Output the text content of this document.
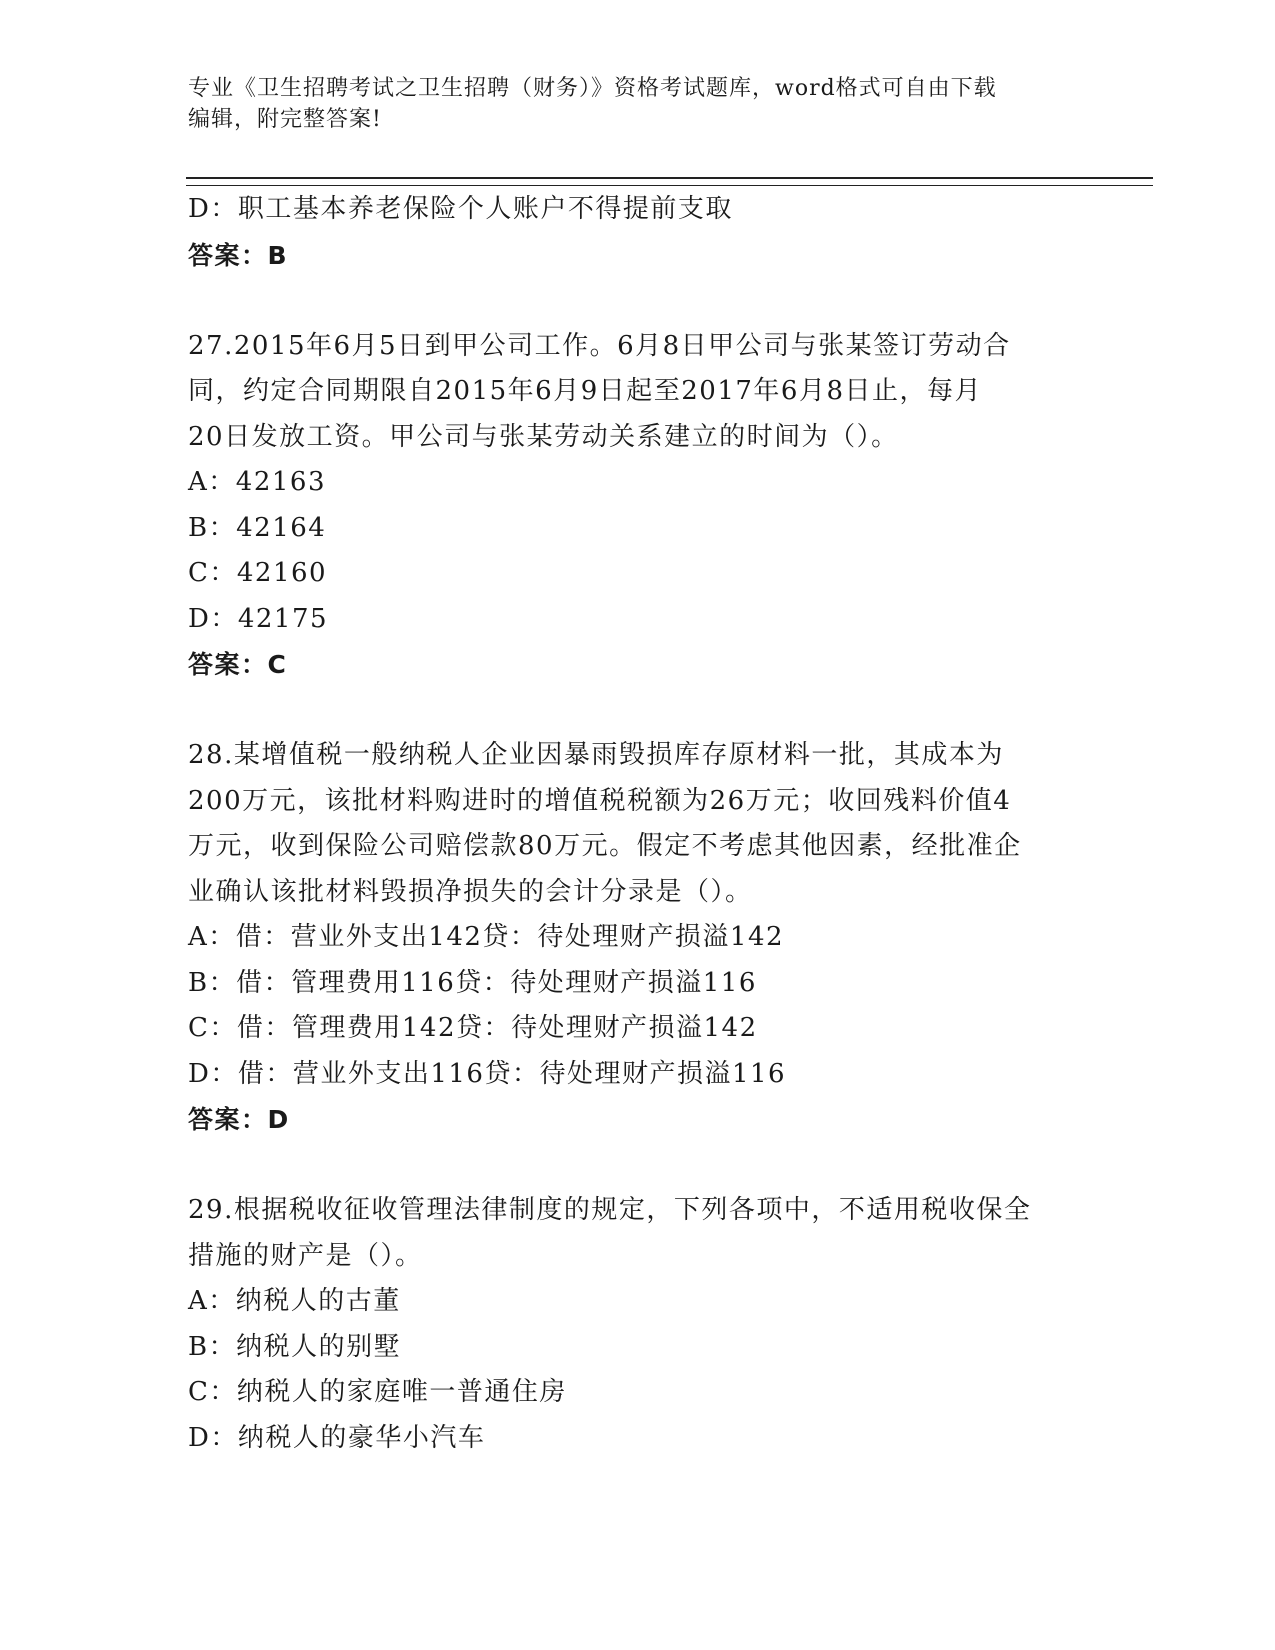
专业《卫生招聘考试之卫生招聘（财务）》资格考试题库，word格式可自由下载
编辑，附完整答案!
D：职工基本养老保险个人账户不得提前支取
答案：B
27.2015年6月5日到甲公司工作。6月8日甲公司与张某签订劳动合
同，约定合同期限自2015年6月9日起至2017年6月8日止，每月
20日发放工资。甲公司与张某劳动关系建立的时间为（）。
A：42163
B：42164
C：42160
D：42175
答案：C
28.某增值税一般纳税人企业因暴雨毁损库存原材料一批，其成本为
200万元，该批材料购进时的增值税税额为26万元；收回残料价值4
万元，收到保险公司赔偿款80万元。假定不考虑其他因素，经批准企
业确认该批材料毁损净损失的会计分录是（）。
A：借：营业外支出142贷：待处理财产损溢142
B：借：管理费用116贷：待处理财产损溢116
C：借：管理费用142贷：待处理财产损溢142
D：借：营业外支出116贷：待处理财产损溢116
答案：D
29.根据税收征收管理法律制度的规定，下列各项中，不适用税收保全
措施的财产是（）。
A：纳税人的古董
B：纳税人的别墅
C：纳税人的家庭唯一普通住房
D：纳税人的豪华小汽车
